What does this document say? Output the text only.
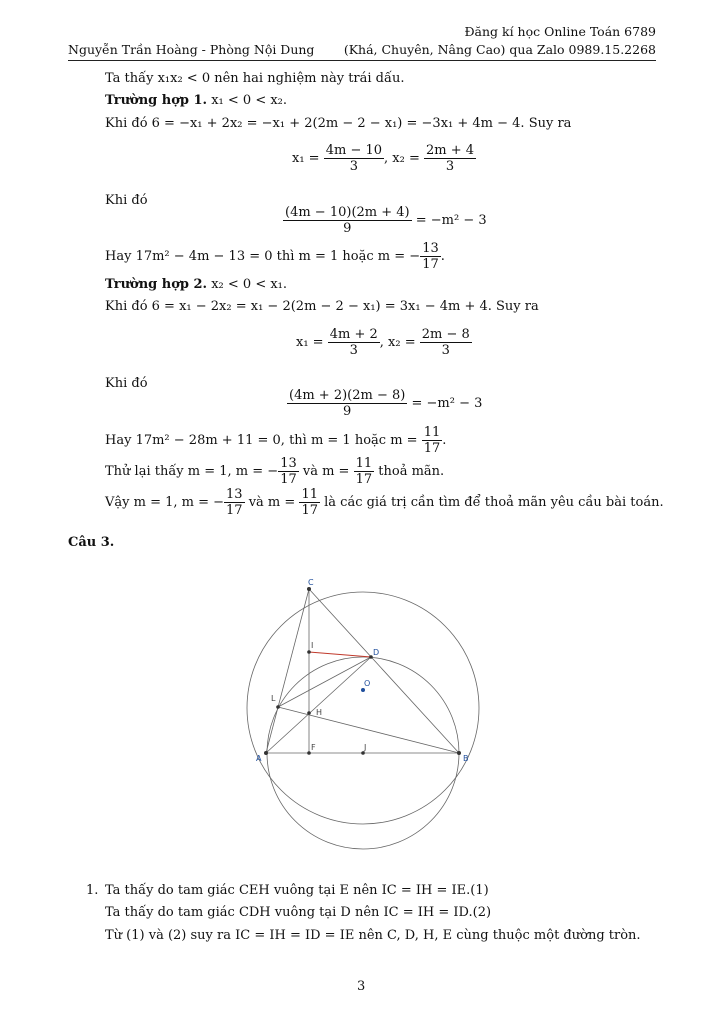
Đăng kí học Online Toán 6789
Nguyễn Trần Hoàng - Phòng Nội Dung (Khá, Chuyên, Nâng Cao) qua Zalo 0989.15.2268
Ta thấy x₁x₂ < 0 nên hai nghiệm này trái dấu.
Trường hợp 1. x₁ < 0 < x₂.
Khi đó 6 = −x₁ + 2x₂ = −x₁ + 2(2m − 2 − x₁) = −3x₁ + 4m − 4. Suy ra
$x_1 = \frac{4m - 10}{3}$ , $x_2 = \frac{2m + 4}{3}$
Khi đó
$\frac{(4m - 10)(2m + 4)}{9} = -m^2 - 3$
Hay 17m² − 4m − 13 = 0 thì m = 1 hoặc m = − $\frac{13}{17}$ .
Trường hợp 2. x₂ < 0 < x₁.
Khi đó 6 = x₁ − 2x₂ = x₁ − 2(2m − 2 − x₁) = 3x₁ − 4m + 4. Suy ra
$x_1 = \frac{4m + 2}{3}$ , $x_2 = \frac{2m - 8}{3}$
Khi đó
$\frac{(4m + 2)(2m - 8)}{9} = -m^2 - 3$
Hay 17m² − 28m + 11 = 0, thì m = 1 hoặc $m = \frac{11}{17}$ .
Thử lại thấy m = 1, m = − $\frac{13}{17}$ và $m = \frac{11}{17}$ thoả mãn.
Vậy m = 1, m = − $\frac{13}{17}$ và $m = \frac{11}{17}$ là các giá trị cần tìm để thoả mãn yêu cầu bài toán.
Câu 3.
C
D
O
A	B
I
L
H
F	J
1. Ta thấy do tam giác CEH vuông tại E nên IC = IH = IE.(1)
Ta thấy do tam giác CDH vuông tại D nên IC = IH = ID.(2)
Từ (1) và (2) suy ra IC = IH = ID = IE nên C, D, H, E cùng thuộc một đường tròn.
3
